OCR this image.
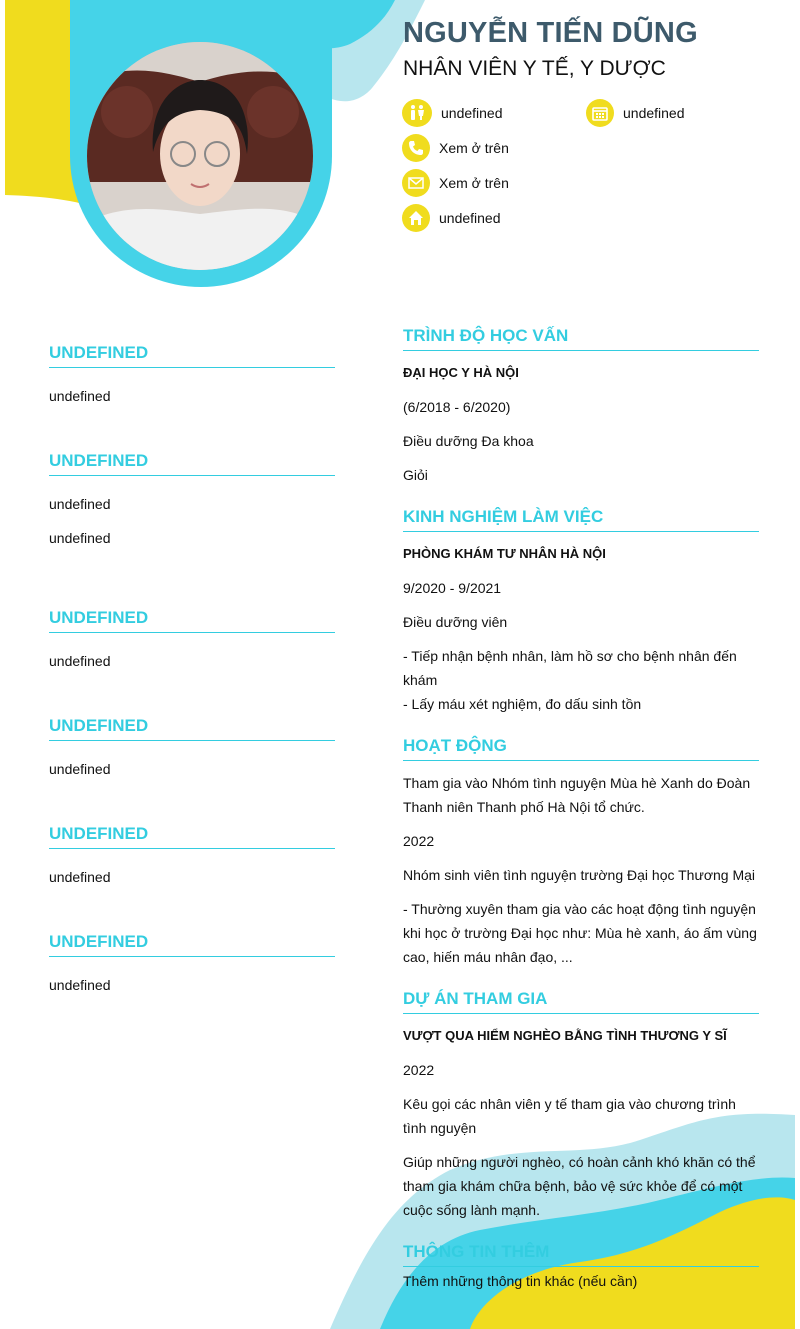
NGUYỄN TIẾN DŨNG
NHÂN VIÊN Y TẾ, Y DƯỢC
undefined	undefined
Xem ở trên
Xem ở trên
undefined
UNDEFINED
undefined
UNDEFINED
undefined
undefined
UNDEFINED
undefined
UNDEFINED
undefined
UNDEFINED
undefined
UNDEFINED
undefined
TRÌNH ĐỘ HỌC VẤN
ĐẠI HỌC Y HÀ NỘI
(6/2018 - 6/2020)
Điều dưỡng Đa khoa
Giỏi
KINH NGHIỆM LÀM VIỆC
PHÒNG KHÁM TƯ NHÂN HÀ NỘI
9/2020 - 9/2021
Điều dưỡng viên
- Tiếp nhận bệnh nhân, làm hồ sơ cho bệnh nhân đến khám
- Lấy máu xét nghiệm, đo dấu sinh tồn
HOẠT ĐỘNG
Tham gia vào Nhóm tình nguyện Mùa hè Xanh do Đoàn Thanh niên Thanh phố Hà Nội tổ chức.
2022
Nhóm sinh viên tình nguyện trường Đại học Thương Mại
- Thường xuyên tham gia vào các hoạt động tình nguyện khi học ở trường Đại học như: Mùa hè xanh, áo ấm vùng cao, hiến máu nhân đạo, ...
DỰ ÁN THAM GIA
VƯỢT QUA HIỂM NGHÈO BẰNG TÌNH THƯƠNG Y SĨ
2022
Kêu gọi các nhân viên y tế tham gia vào chương trình tình nguyện
Giúp những người nghèo, có hoàn cảnh khó khăn có thể tham gia khám chữa bệnh, bảo vệ sức khỏe để có một cuộc sống lành mạnh.
THÔNG TIN THÊM
Thêm những thông tin khác (nếu cần)
